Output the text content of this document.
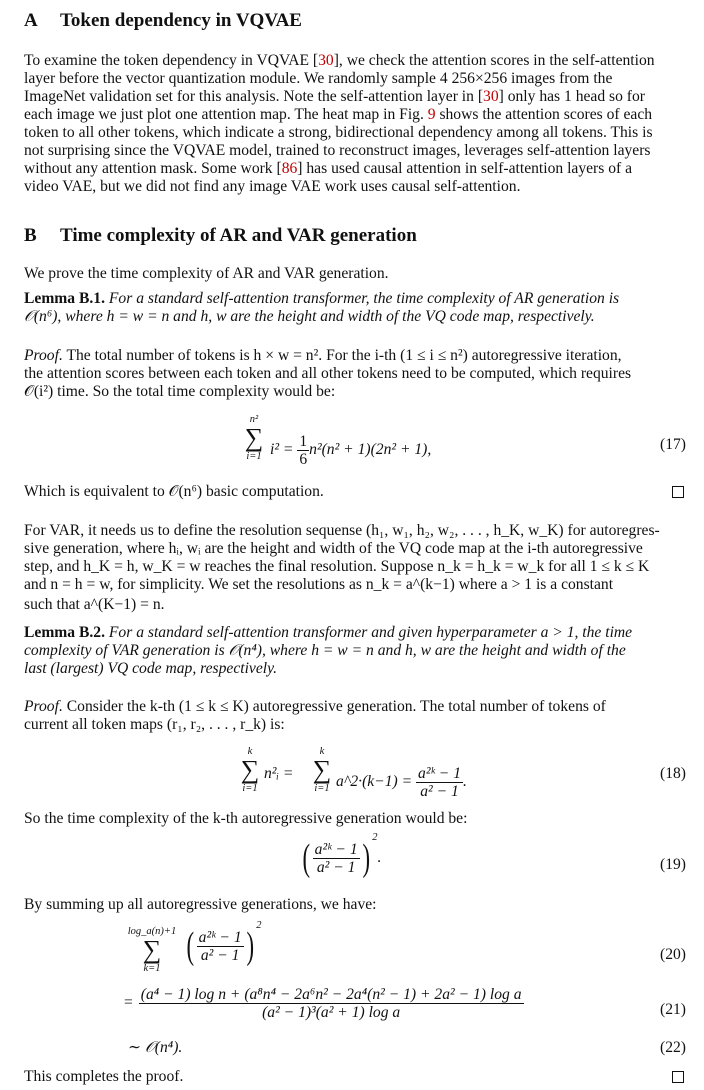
A Token dependency in VQVAE
To examine the token dependency in VQVAE [30], we check the attention scores in the self-attention
layer before the vector quantization module. We randomly sample 4 256×256 images from the
ImageNet validation set for this analysis. Note the self-attention layer in [30] only has 1 head so for
each image we just plot one attention map. The heat map in Fig. 9 shows the attention scores of each
token to all other tokens, which indicate a strong, bidirectional dependency among all tokens. This is
not surprising since the VQVAE model, trained to reconstruct images, leverages self-attention layers
without any attention mask. Some work [86] has used causal attention in self-attention layers of a
video VAE, but we did not find any image VAE work uses causal self-attention.
B Time complexity of AR and VAR generation
We prove the time complexity of AR and VAR generation.
Lemma B.1. For a standard self-attention transformer, the time complexity of AR generation is
𝒪(n⁶), where h = w = n and h, w are the height and width of the VQ code map, respectively.
Proof. The total number of tokens is h × w = n². For the i-th (1 ≤ i ≤ n²) autoregressive iteration,
the attention scores between each token and all other tokens need to be computed, which requires
𝒪(i²) time. So the total time complexity would be:
n²
∑
i=1 $i^2 = \frac{1}{6} n^2(n^2 + 1)(2n^2 + 1)$,	(17)
Which is equivalent to 𝒪(n⁶) basic computation.
For VAR, it needs us to define the resolution sequense (h₁, w₁, h₂, w₂, . . . , h_K, w_K) for autoregres-
sive generation, where hᵢ, wᵢ are the height and width of the VQ code map at the i-th autoregressive
step, and h_K = h, w_K = w reaches the final resolution. Suppose n_k = h_k = w_k for all 1 ≤ k ≤ K
and n = h = w, for simplicity. We set the resolutions as n_k = a^(k−1) where a > 1 is a constant
such that a^(K−1) = n.
Lemma B.2. For a standard self-attention transformer and given hyperparameter a > 1, the time
complexity of VAR generation is 𝒪(n⁴), where h = w = n and h, w are the height and width of the
last (largest) VQ code map, respectively.
Proof. Consider the k-th (1 ≤ k ≤ K) autoregressive generation. The total number of tokens of
current all token maps (r₁, r₂, . . . , r_k) is:
k
∑
i=1
n²ᵢ =
k
∑
i=1 a^2·(k−1) = $\frac{\text{a²ᵏ − 1}}{\text{a² − 1}}$ .	(18)
So the time complexity of the k-th autoregressive generation would be:
( $\frac{\text{a²ᵏ − 1}}{\text{a² − 1}}$ ) $^2$.	(19)
By summing up all autoregressive generations, we have:
log_a(n)+1
∑
k=1
( $\frac{\text{a²ᵏ − 1}}{\text{a² − 1}}$ ) $^2$
(20)
= (a⁴ − 1) log n + (a⁸n⁴ − 2a⁶n² − 2a⁴(n² − 1) + 2a² − 1) log a
(a² − 1)³(a² + 1) log a	(21)
∼ 𝒪(n⁴).	(22)
This completes the proof.
